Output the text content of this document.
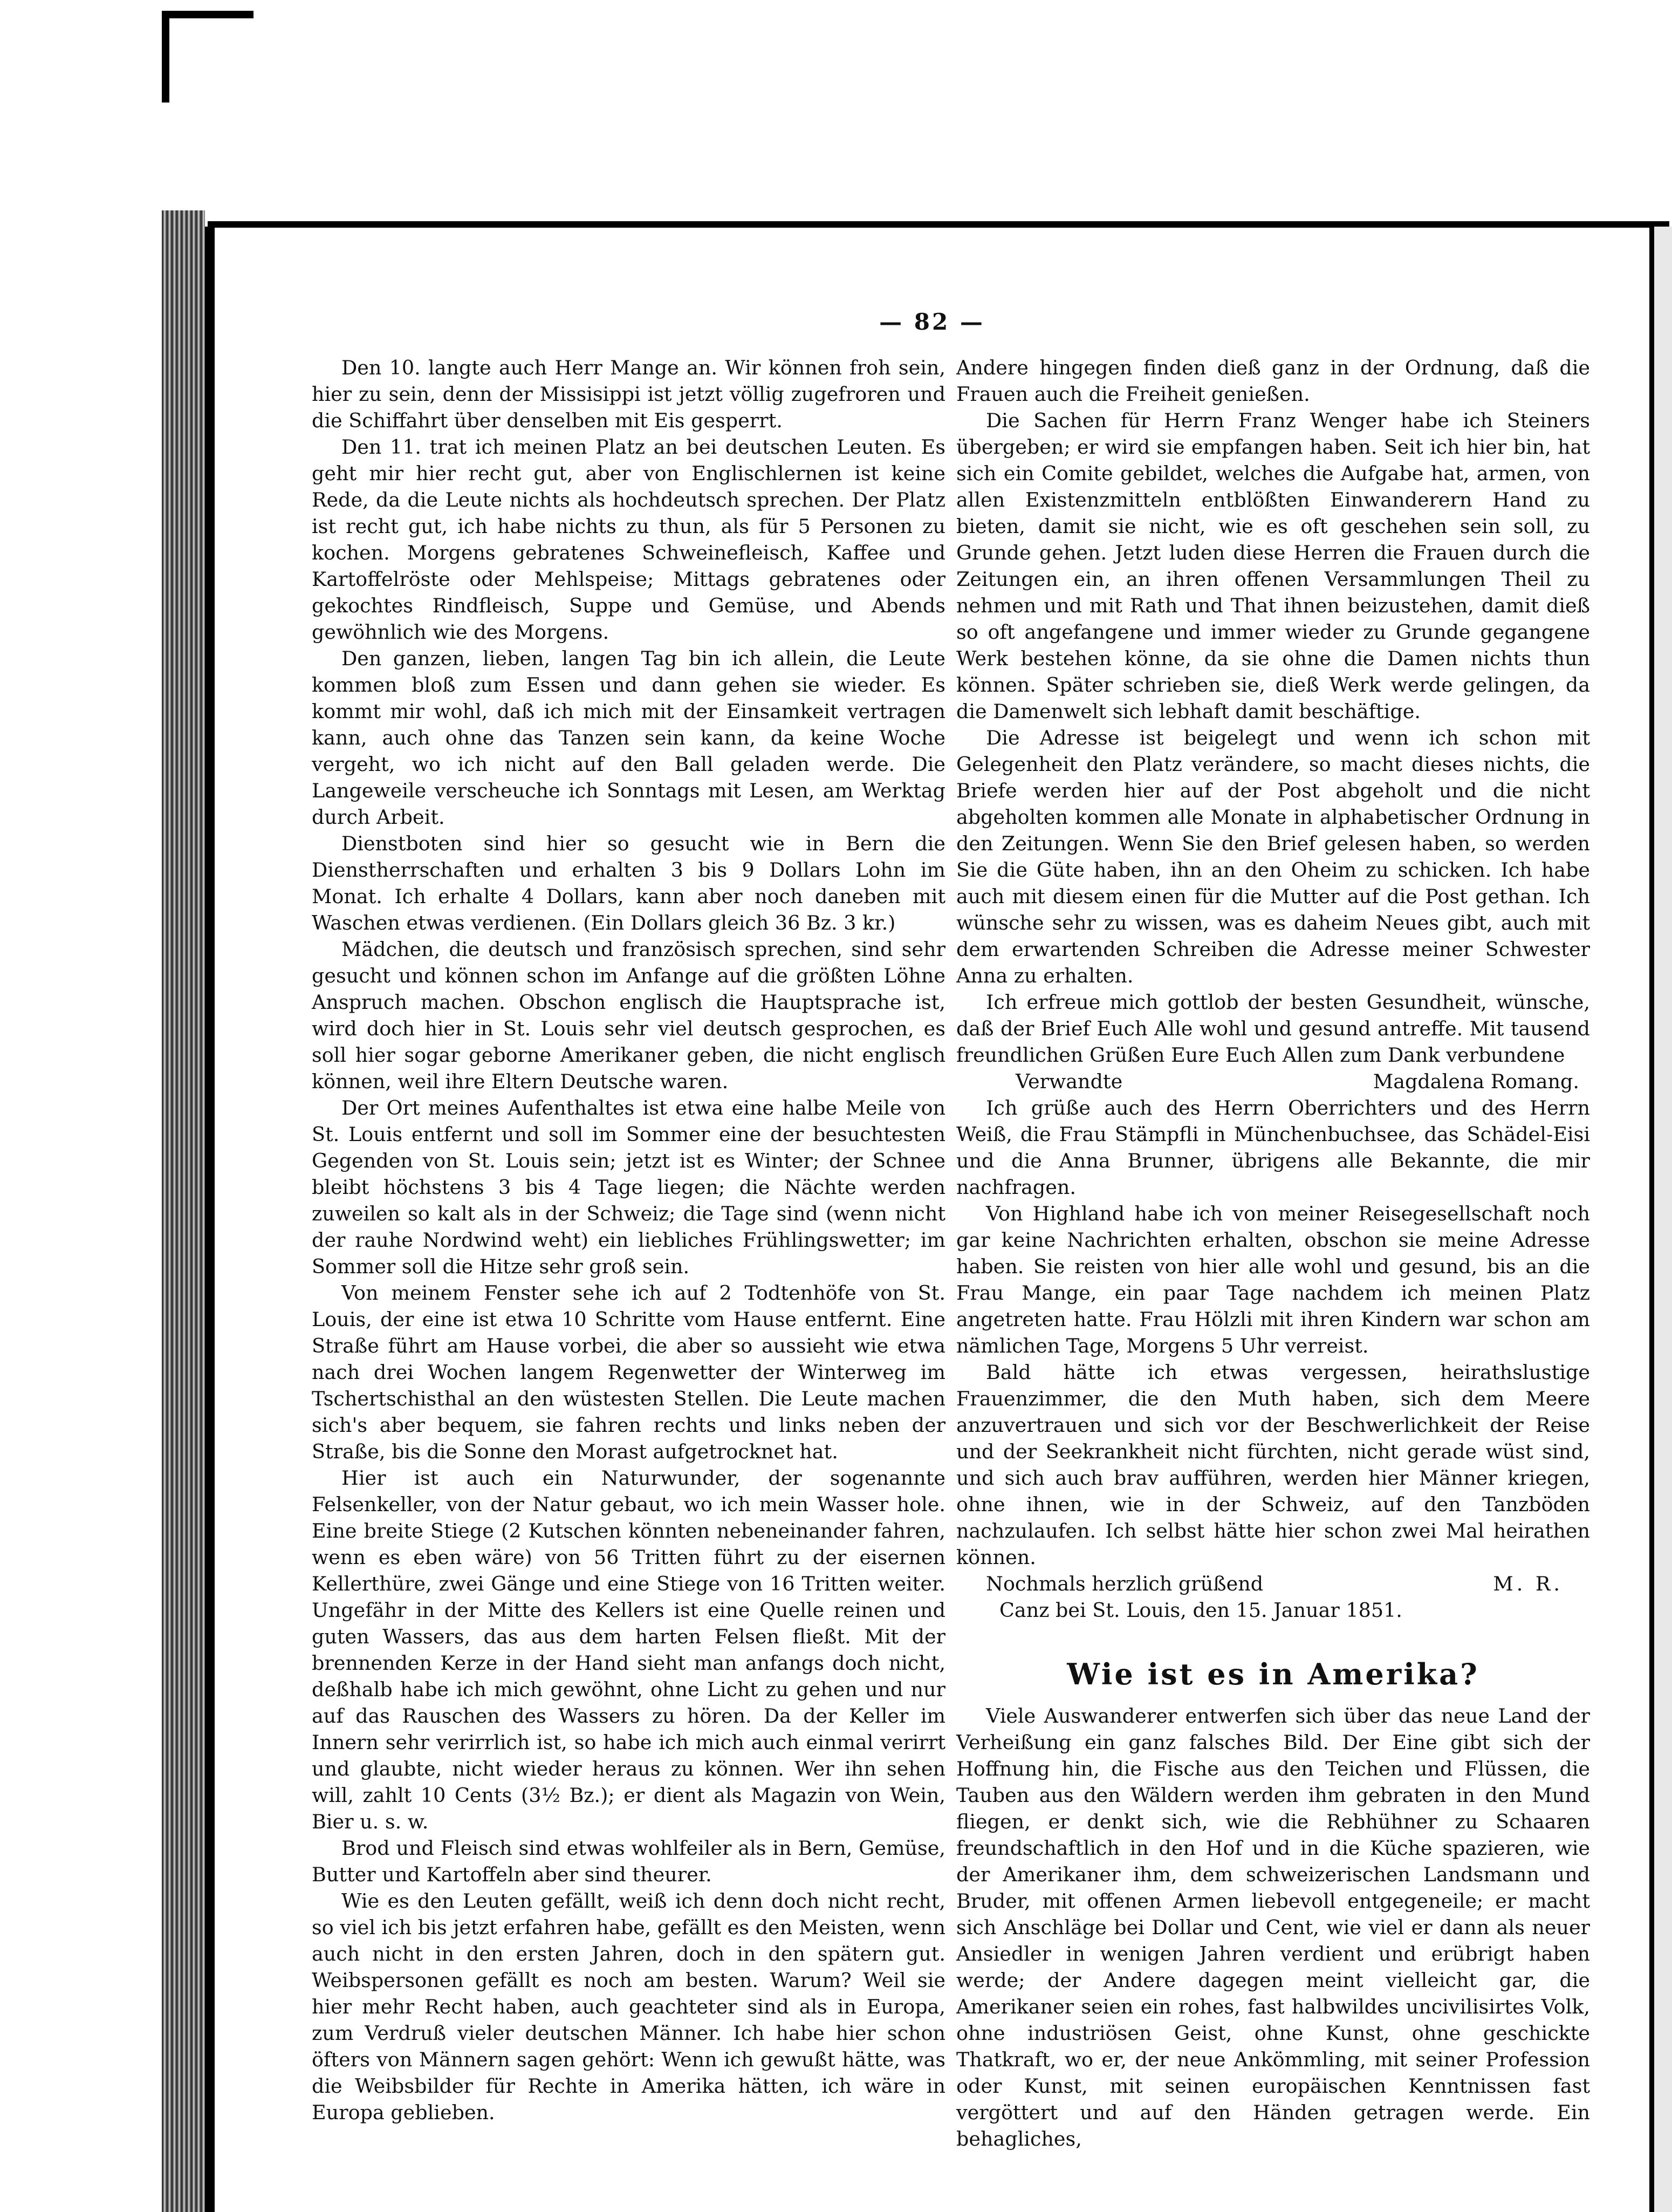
— 82 —

Den 10. langte auch Herr Mange an. Wir können froh sein, hier zu sein, denn der Missisippi ist jetzt völlig zugefroren und die Schiffahrt über denselben mit Eis gesperrt.

Den 11. trat ich meinen Platz an bei deutschen Leuten. Es geht mir hier recht gut, aber von Englischlernen ist keine Rede, da die Leute nichts als hochdeutsch sprechen. Der Platz ist recht gut, ich habe nichts zu thun, als für 5 Personen zu kochen. Morgens gebratenes Schweinefleisch, Kaffee und Kartoffelröste oder Mehlspeise; Mittags gebratenes oder gekochtes Rindfleisch, Suppe und Gemüse, und Abends gewöhnlich wie des Morgens.

Den ganzen, lieben, langen Tag bin ich allein, die Leute kommen bloß zum Essen und dann gehen sie wieder. Es kommt mir wohl, daß ich mich mit der Einsamkeit vertragen kann, auch ohne das Tanzen sein kann, da keine Woche vergeht, wo ich nicht auf den Ball geladen werde. Die Langeweile verscheuche ich Sonntags mit Lesen, am Werktag durch Arbeit.

Dienstboten sind hier so gesucht wie in Bern die Dienstherrschaften und erhalten 3 bis 9 Dollars Lohn im Monat. Ich erhalte 4 Dollars, kann aber noch daneben mit Waschen etwas verdienen. (Ein Dollars gleich 36 Bz. 3 kr.)

Mädchen, die deutsch und französisch sprechen, sind sehr gesucht und können schon im Anfange auf die größten Löhne Anspruch machen. Obschon englisch die Hauptsprache ist, wird doch hier in St. Louis sehr viel deutsch gesprochen, es soll hier sogar geborne Amerikaner geben, die nicht englisch können, weil ihre Eltern Deutsche waren.

Der Ort meines Aufenthaltes ist etwa eine halbe Meile von St. Louis entfernt und soll im Sommer eine der besuchtesten Gegenden von St. Louis sein; jetzt ist es Winter; der Schnee bleibt höchstens 3 bis 4 Tage liegen; die Nächte werden zuweilen so kalt als in der Schweiz; die Tage sind (wenn nicht der rauhe Nordwind weht) ein liebliches Frühlingswetter; im Sommer soll die Hitze sehr groß sein.

Von meinem Fenster sehe ich auf 2 Todtenhöfe von St. Louis, der eine ist etwa 10 Schritte vom Hause entfernt. Eine Straße führt am Hause vorbei, die aber so aussieht wie etwa nach drei Wochen langem Regenwetter der Winterweg im Tschertschisthal an den wüstesten Stellen. Die Leute machen sich's aber bequem, sie fahren rechts und links neben der Straße, bis die Sonne den Morast aufgetrocknet hat.

Hier ist auch ein Naturwunder, der sogenannte Felsenkeller, von der Natur gebaut, wo ich mein Wasser hole. Eine breite Stiege (2 Kutschen könnten nebeneinander fahren, wenn es eben wäre) von 56 Tritten führt zu der eisernen Kellerthüre, zwei Gänge und eine Stiege von 16 Tritten weiter. Ungefähr in der Mitte des Kellers ist eine Quelle reinen und guten Wassers, das aus dem harten Felsen fließt. Mit der brennenden Kerze in der Hand sieht man anfangs doch nicht, deßhalb habe ich mich gewöhnt, ohne Licht zu gehen und nur auf das Rauschen des Wassers zu hören. Da der Keller im Innern sehr verirrlich ist, so habe ich mich auch einmal verirrt und glaubte, nicht wieder heraus zu können. Wer ihn sehen will, zahlt 10 Cents (3½ Bz.); er dient als Magazin von Wein, Bier u. s. w.

Brod und Fleisch sind etwas wohlfeiler als in Bern, Gemüse, Butter und Kartoffeln aber sind theurer.

Wie es den Leuten gefällt, weiß ich denn doch nicht recht, so viel ich bis jetzt erfahren habe, gefällt es den Meisten, wenn auch nicht in den ersten Jahren, doch in den spätern gut. Weibspersonen gefällt es noch am besten. Warum? Weil sie hier mehr Recht haben, auch geachteter sind als in Europa, zum Verdruß vieler deutschen Männer. Ich habe hier schon öfters von Männern sagen gehört: Wenn ich gewußt hätte, was die Weibsbilder für Rechte in Amerika hätten, ich wäre in Europa geblieben.

Andere hingegen finden dieß ganz in der Ordnung, daß die Frauen auch die Freiheit genießen.

Die Sachen für Herrn Franz Wenger habe ich Steiners übergeben; er wird sie empfangen haben. Seit ich hier bin, hat sich ein Comite gebildet, welches die Aufgabe hat, armen, von allen Existenzmitteln entblößten Einwanderern Hand zu bieten, damit sie nicht, wie es oft geschehen sein soll, zu Grunde gehen. Jetzt luden diese Herren die Frauen durch die Zeitungen ein, an ihren offenen Versammlungen Theil zu nehmen und mit Rath und That ihnen beizustehen, damit dieß so oft angefangene und immer wieder zu Grunde gegangene Werk bestehen könne, da sie ohne die Damen nichts thun können. Später schrieben sie, dieß Werk werde gelingen, da die Damenwelt sich lebhaft damit beschäftige.

Die Adresse ist beigelegt und wenn ich schon mit Gelegenheit den Platz verändere, so macht dieses nichts, die Briefe werden hier auf der Post abgeholt und die nicht abgeholten kommen alle Monate in alphabetischer Ordnung in den Zeitungen. Wenn Sie den Brief gelesen haben, so werden Sie die Güte haben, ihn an den Oheim zu schicken. Ich habe auch mit diesem einen für die Mutter auf die Post gethan. Ich wünsche sehr zu wissen, was es daheim Neues gibt, auch mit dem erwartenden Schreiben die Adresse meiner Schwester Anna zu erhalten.

Ich erfreue mich gottlob der besten Gesundheit, wünsche, daß der Brief Euch Alle wohl und gesund antreffe. Mit tausend freundlichen Grüßen Eure Euch Allen zum Dank verbundene

Verwandte	Magdalena Romang.

Ich grüße auch des Herrn Oberrichters und des Herrn Weiß, die Frau Stämpfli in Münchenbuchsee, das Schädel-Eisi und die Anna Brunner, übrigens alle Bekannte, die mir nachfragen.

Von Highland habe ich von meiner Reisegesellschaft noch gar keine Nachrichten erhalten, obschon sie meine Adresse haben. Sie reisten von hier alle wohl und gesund, bis an die Frau Mange, ein paar Tage nachdem ich meinen Platz angetreten hatte. Frau Hölzli mit ihren Kindern war schon am nämlichen Tage, Morgens 5 Uhr verreist.

Bald hätte ich etwas vergessen, heirathslustige Frauenzimmer, die den Muth haben, sich dem Meere anzuvertrauen und sich vor der Beschwerlichkeit der Reise und der Seekrankheit nicht fürchten, nicht gerade wüst sind, und sich auch brav aufführen, werden hier Männer kriegen, ohne ihnen, wie in der Schweiz, auf den Tanzböden nachzulaufen. Ich selbst hätte hier schon zwei Mal heirathen können.

Nochmals herzlich grüßend	M. R.

Canz bei St. Louis, den 15. Januar 1851.

Wie ist es in Amerika?

Viele Auswanderer entwerfen sich über das neue Land der Verheißung ein ganz falsches Bild. Der Eine gibt sich der Hoffnung hin, die Fische aus den Teichen und Flüssen, die Tauben aus den Wäldern werden ihm gebraten in den Mund fliegen, er denkt sich, wie die Rebhühner zu Schaaren freundschaftlich in den Hof und in die Küche spazieren, wie der Amerikaner ihm, dem schweizerischen Landsmann und Bruder, mit offenen Armen liebevoll entgegeneile; er macht sich Anschläge bei Dollar und Cent, wie viel er dann als neuer Ansiedler in wenigen Jahren verdient und erübrigt haben werde; der Andere dagegen meint vielleicht gar, die Amerikaner seien ein rohes, fast halbwildes uncivilisirtes Volk, ohne industriösen Geist, ohne Kunst, ohne geschickte Thatkraft, wo er, der neue Ankömmling, mit seiner Profession oder Kunst, mit seinen europäischen Kenntnissen fast vergöttert und auf den Händen getragen werde. Ein behagliches,
